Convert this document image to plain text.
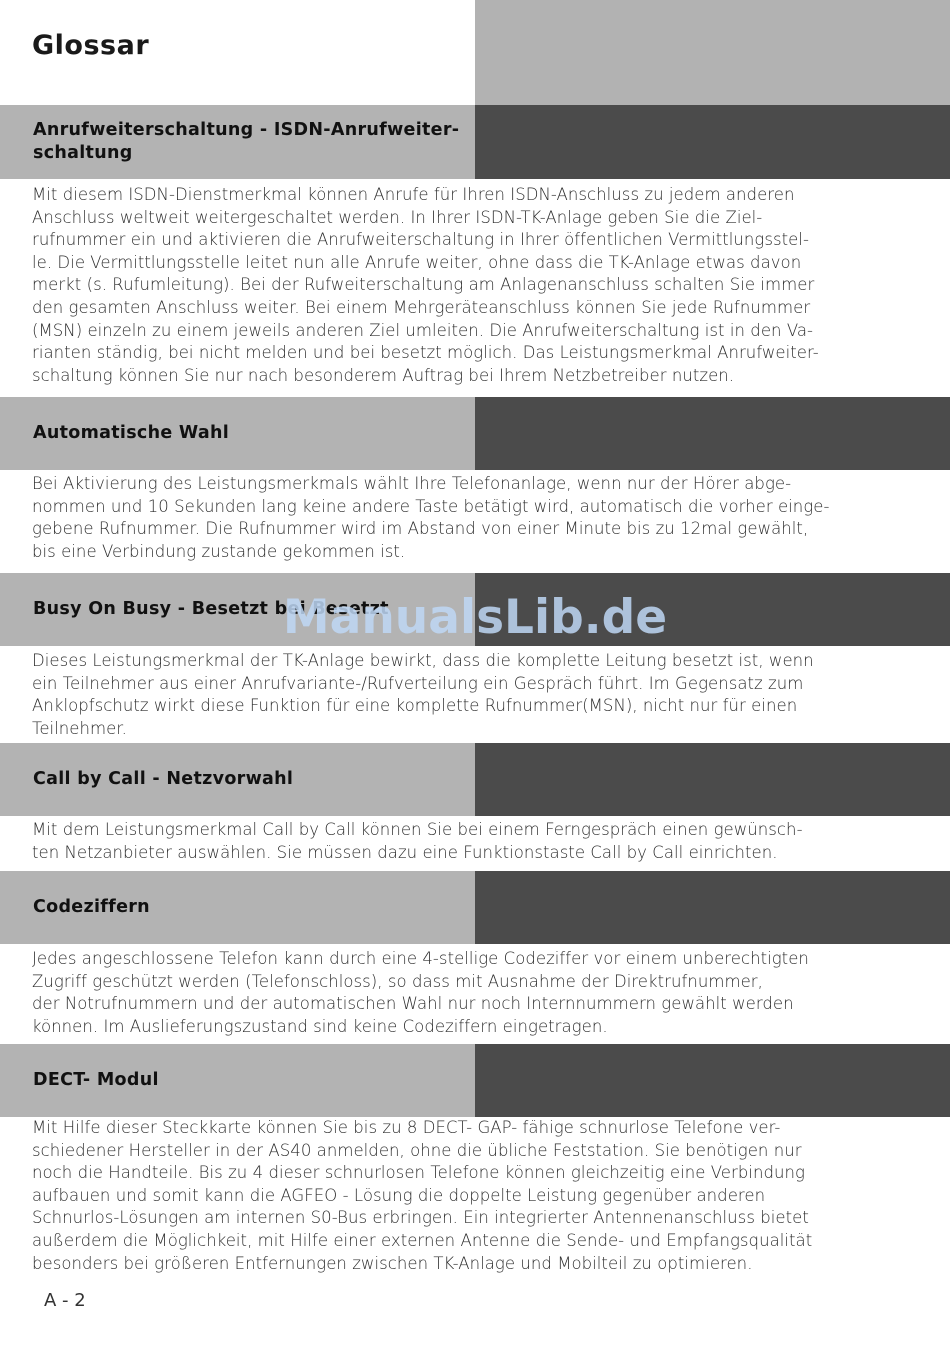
Glossar
Anrufweiterschaltung - ISDN-Anrufweiter-
schaltung

Mit diesem ISDN-Dienstmerkmal können Anrufe für Ihren ISDN-Anschluss zu jedem anderen
Anschluss weltweit weitergeschaltet werden. In Ihrer ISDN-TK-Anlage geben Sie die Ziel-
rufnummer ein und aktivieren die Anrufweiterschaltung in Ihrer öffentlichen Vermittlungsstel-
le. Die Vermittlungsstelle leitet nun alle Anrufe weiter, ohne dass die TK-Anlage etwas davon
merkt (s. Rufumleitung). Bei der Rufweiterschaltung am Anlagenanschluss schalten Sie immer
den gesamten Anschluss weiter. Bei einem Mehrgeräteanschluss können Sie jede Rufnummer
(MSN) einzeln zu einem jeweils anderen Ziel umleiten. Die Anrufweiterschaltung ist in den Va-
rianten ständig, bei nicht melden und bei besetzt möglich. Das Leistungsmerkmal Anrufweiter-
schaltung können Sie nur nach besonderem Auftrag bei Ihrem Netzbetreiber nutzen.

Automatische Wahl

Bei Aktivierung des Leistungsmerkmals wählt Ihre Telefonanlage, wenn nur der Hörer abge-
nommen und 10 Sekunden lang keine andere Taste betätigt wird, automatisch die vorher einge-
gebene Rufnummer. Die Rufnummer wird im Abstand von einer Minute bis zu 12mal gewählt,
bis eine Verbindung zustande gekommen ist.

Busy On Busy - Besetzt bei Besetzt

Dieses Leistungsmerkmal der TK-Anlage bewirkt, dass die komplette Leitung besetzt ist, wenn
ein Teilnehmer aus einer Anrufvariante-/Rufverteilung ein Gespräch führt. Im Gegensatz zum
Anklopfschutz wirkt diese Funktion für eine komplette Rufnummer(MSN), nicht nur für einen
Teilnehmer.

Call by Call - Netzvorwahl

Mit dem Leistungsmerkmal Call by Call können Sie bei einem Ferngespräch einen gewünsch-
ten Netzanbieter auswählen. Sie müssen dazu eine Funktionstaste Call by Call einrichten.

Codeziffern

Jedes angeschlossene Telefon kann durch eine 4-stellige Codeziffer vor einem unberechtigten
Zugriff geschützt werden (Telefonschloss), so dass mit Ausnahme der Direktrufnummer,
der Notrufnummern und der automatischen Wahl nur noch Internnummern gewählt werden
können. Im Auslieferungszustand sind keine Codeziffern eingetragen.

DECT- Modul

Mit Hilfe dieser Steckkarte können Sie bis zu 8 DECT- GAP- fähige schnurlose Telefone ver-
schiedener Hersteller in der AS40 anmelden, ohne die übliche Feststation. Sie benötigen nur
noch die Handteile. Bis zu 4 dieser schnurlosen Telefone können gleichzeitig eine Verbindung
aufbauen und somit kann die AGFEO - Lösung die doppelte Leistung gegenüber anderen
Schnurlos-Lösungen am internen S0-Bus erbringen. Ein integrierter Antennenanschluss bietet
außerdem die Möglichkeit, mit Hilfe einer externen Antenne die Sende- und Empfangsqualität
besonders bei größeren Entfernungen zwischen TK-Anlage und Mobilteil zu optimieren.

ManualsLib.de
A - 2
